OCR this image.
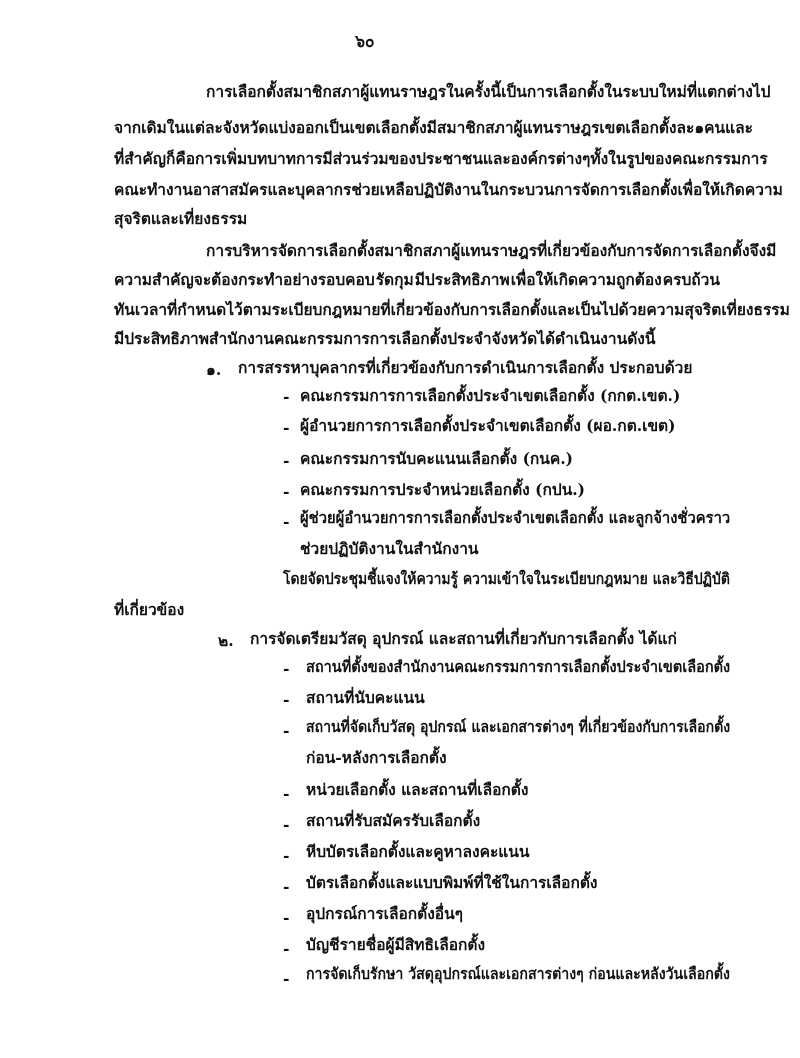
๖๐
การเลือกตั้งสมาชิกสภาผู้แทนราษฎรในครั้งนี้ เป็นการเลือกตั้งในระบบใหม่ที่แตกต่างไป
จากเดิม ในแต่ละจังหวัดแบ่งออกเป็นเขตเลือกตั้ง มีสมาชิกสภาผู้แทนราษฎรเขตเลือกตั้งละ ๑ คน และ
ที่สำคัญก็คือการเพิ่มบทบาทการมีส่วนร่วมของประชาชน และองค์กรต่างๆ ทั้งในรูปของคณะกรรมการ
คณะทำงาน อาสาสมัคร และบุคลากรช่วยเหลือปฏิบัติงานในกระบวนการจัดการเลือกตั้ง เพื่อให้เกิดความ
สุจริตและเที่ยงธรรม
การบริหารจัดการเลือกตั้งสมาชิกสภาผู้แทนราษฎร ที่เกี่ยวข้องกับการจัดการเลือกตั้ง จึงมี
ความสำคัญจะต้องกระทำอย่างรอบคอบ รัดกุม มีประสิทธิภาพ เพื่อให้เกิดความถูกต้อง ครบถ้วน
ทันเวลาที่กำหนดไว้ตามระเบียบ กฎหมาย ที่เกี่ยวข้องกับการเลือกตั้งและเป็นไปด้วยความสุจริต เที่ยงธรรม
มีประสิทธิภาพ สำนักงานคณะกรรมการการเลือกตั้งประจำจังหวัดได้ดำเนินงาน ดังนี้
๑. การสรรหาบุคลากรที่เกี่ยวข้องกับการดำเนินการเลือกตั้ง ประกอบด้วย
- คณะกรรมการการเลือกตั้งประจำเขตเลือกตั้ง (กกต.เขต.)
- ผู้อำนวยการการเลือกตั้งประจำเขตเลือกตั้ง (ผอ.กต.เขต)
- คณะกรรมการนับคะแนนเลือกตั้ง (กนค.)
- คณะกรรมการประจำหน่วยเลือกตั้ง (กปน.)
- ผู้ช่วยผู้อำนวยการการเลือกตั้งประจำเขตเลือกตั้ง และลูกจ้างชั่วคราว
ช่วยปฏิบัติงานในสำนักงาน
โดยจัดประชุมชี้แจงให้ความรู้ ความเข้าใจในระเบียบกฎหมาย และวิธีปฏิบัติ
ที่เกี่ยวข้อง
๒. การจัดเตรียมวัสดุ อุปกรณ์ และสถานที่เกี่ยวกับการเลือกตั้ง ได้แก่
- สถานที่ตั้งของสำนักงานคณะกรรมการการเลือกตั้งประจำเขตเลือกตั้ง
- สถานที่นับคะแนน
- สถานที่จัดเก็บวัสดุ อุปกรณ์ และเอกสารต่างๆ ที่เกี่ยวข้องกับการเลือกตั้ง
ก่อน-หลังการเลือกตั้ง
- หน่วยเลือกตั้ง และสถานที่เลือกตั้ง
- สถานที่รับสมัครรับเลือกตั้ง
- หีบบัตรเลือกตั้งและคูหาลงคะแนน
- บัตรเลือกตั้งและแบบพิมพ์ที่ใช้ในการเลือกตั้ง
- อุปกรณ์การเลือกตั้งอื่นๆ
- บัญชีรายชื่อผู้มีสิทธิเลือกตั้ง
- การจัดเก็บรักษา วัสดุอุปกรณ์และเอกสารต่างๆ ก่อนและหลังวันเลือกตั้ง
